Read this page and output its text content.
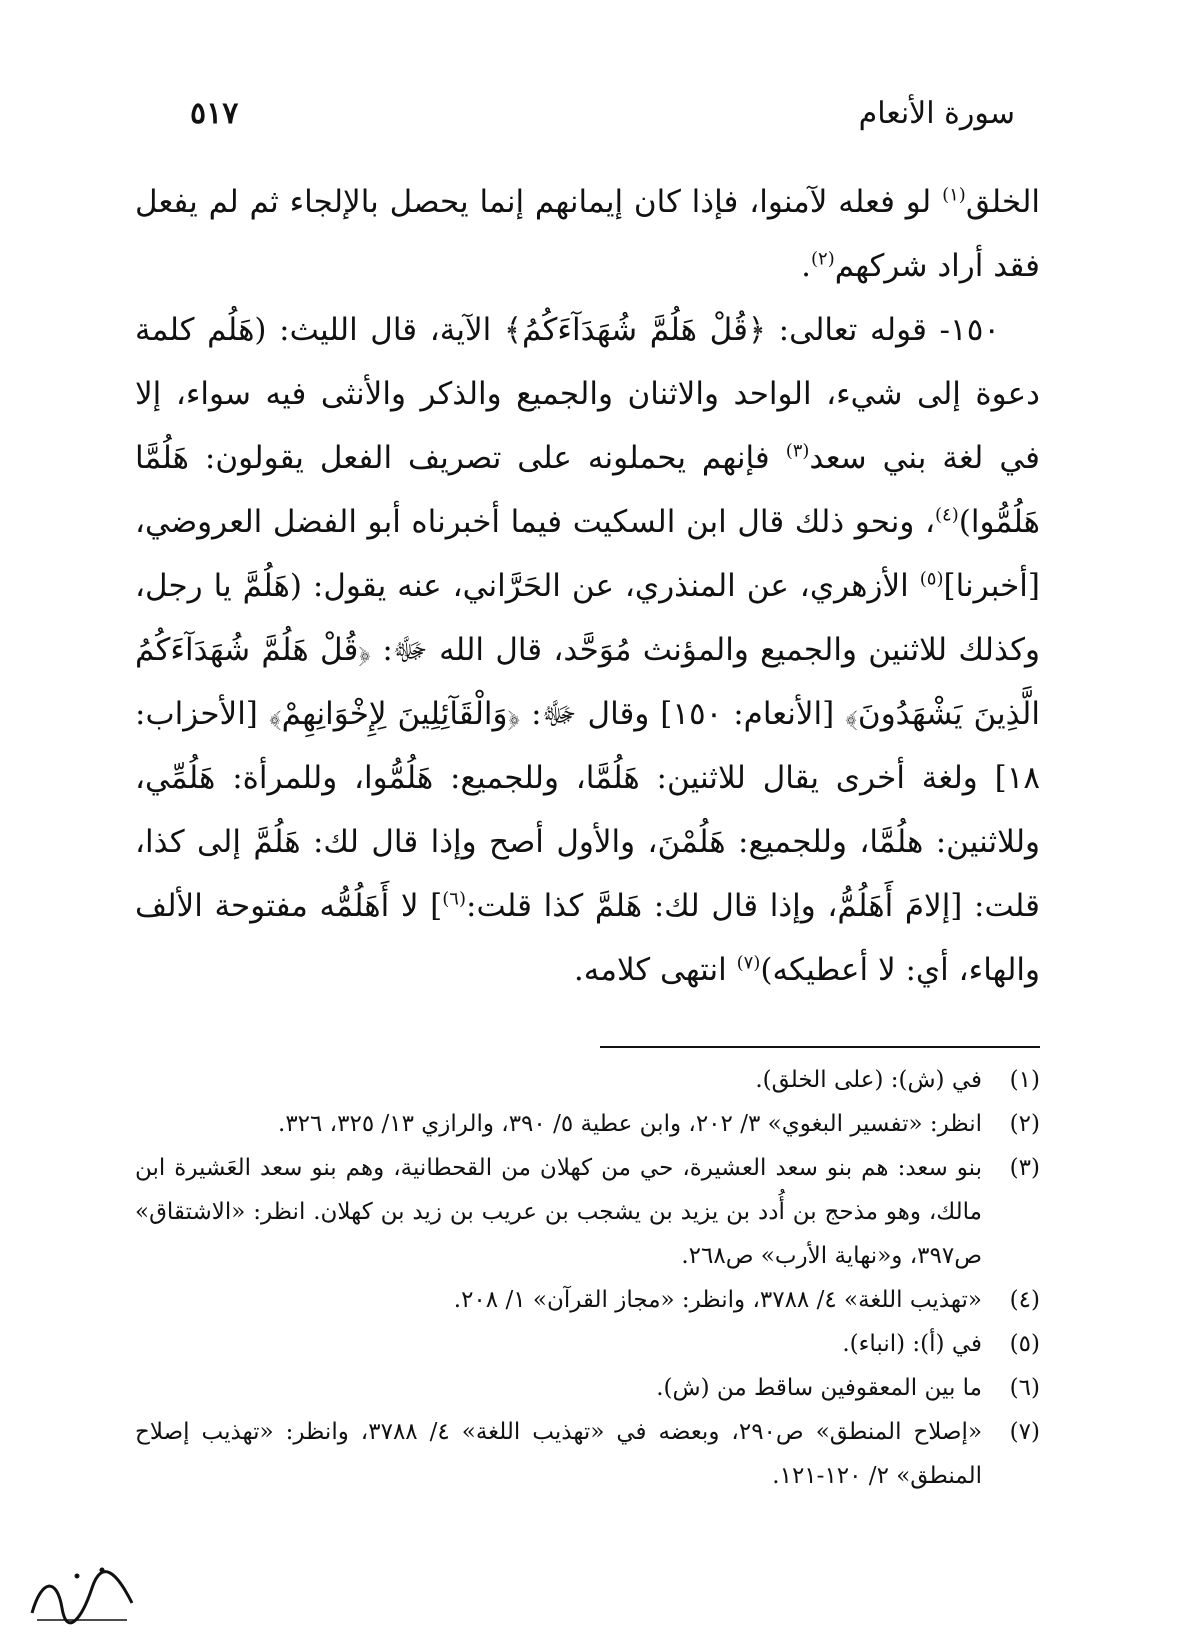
سورة الأنعام
٥١٧

الخلق$^{(١)}$ لو فعله لآمنوا، فإذا كان إيمانهم إنما يحصل بالإلجاء ثم لم يفعل فقد أراد شركهم$^{(٢)}$.

١٥٠- قوله تعالى: ﴿قُلْ هَلُمَّ شُهَدَآءَكُمُ﴾ الآية، قال الليث: (هَلُم كلمة دعوة إلى شيء، الواحد والاثنان والجميع والذكر والأنثى فيه سواء، إلا في لغة بني سعد$^{(٣)}$ فإنهم يحملونه على تصريف الفعل يقولون: هَلُمَّا هَلُمُّوا)$^{(٤)}$، ونحو ذلك قال ابن السكيت فيما أخبرناه أبو الفضل العروضي، [أخبرنا]$^{(٥)}$ الأزهري، عن المنذري، عن الحَرَّاني، عنه يقول: (هَلُمَّ يا رجل، وكذلك للاثنين والجميع والمؤنث مُوَحَّد، قال الله ﷻ: ﴿قُلْ هَلُمَّ شُهَدَآءَكُمُ الَّذِينَ يَشْهَدُونَ﴾ [الأنعام: ١٥٠] وقال ﷻ: ﴿وَالْقَآئِلِينَ لِإِخْوَانِهِمْ﴾ [الأحزاب: ١٨] ولغة أخرى يقال للاثنين: هَلُمَّا، وللجميع: هَلُمُّوا، وللمرأة: هَلُمِّي، وللاثنين: هلُمَّا، وللجميع: هَلُمْنَ، والأول أصح وإذا قال لك: هَلُمَّ إلى كذا، قلت: [إلامَ أَهَلُمُّ، وإذا قال لك: هَلمَّ كذا قلت:$^{(٦)}$] لا أَهَلُمُّه مفتوحة الألف والهاء، أي: لا أعطيكه)$^{(٧)}$ انتهى كلامه.

(١)
في (ش): (على الخلق).
(٢)
انظر: «تفسير البغوي» ٣/ ٢٠٢، وابن عطية ٥/ ٣٩٠، والرازي ١٣/ ٣٢٥، ٣٢٦.
(٣)
بنو سعد: هم بنو سعد العشيرة، حي من كهلان من القحطانية، وهم بنو سعد العَشيرة ابن مالك، وهو مذحج بن أُدد بن يزيد بن يشجب بن عريب بن زيد بن كهلان. انظر: «الاشتقاق» ص٣٩٧، و«نهاية الأرب» ص٢٦٨.
(٤)
«تهذيب اللغة» ٤/ ٣٧٨٨، وانظر: «مجاز القرآن» ١/ ٢٠٨.
(٥)
في (أ): (انباء).
(٦)
ما بين المعقوفين ساقط من (ش).
(٧)
«إصلاح المنطق» ص٢٩٠، وبعضه في «تهذيب اللغة» ٤/ ٣٧٨٨، وانظر: «تهذيب إصلاح المنطق» ٢/ ١٢٠-١٢١.
